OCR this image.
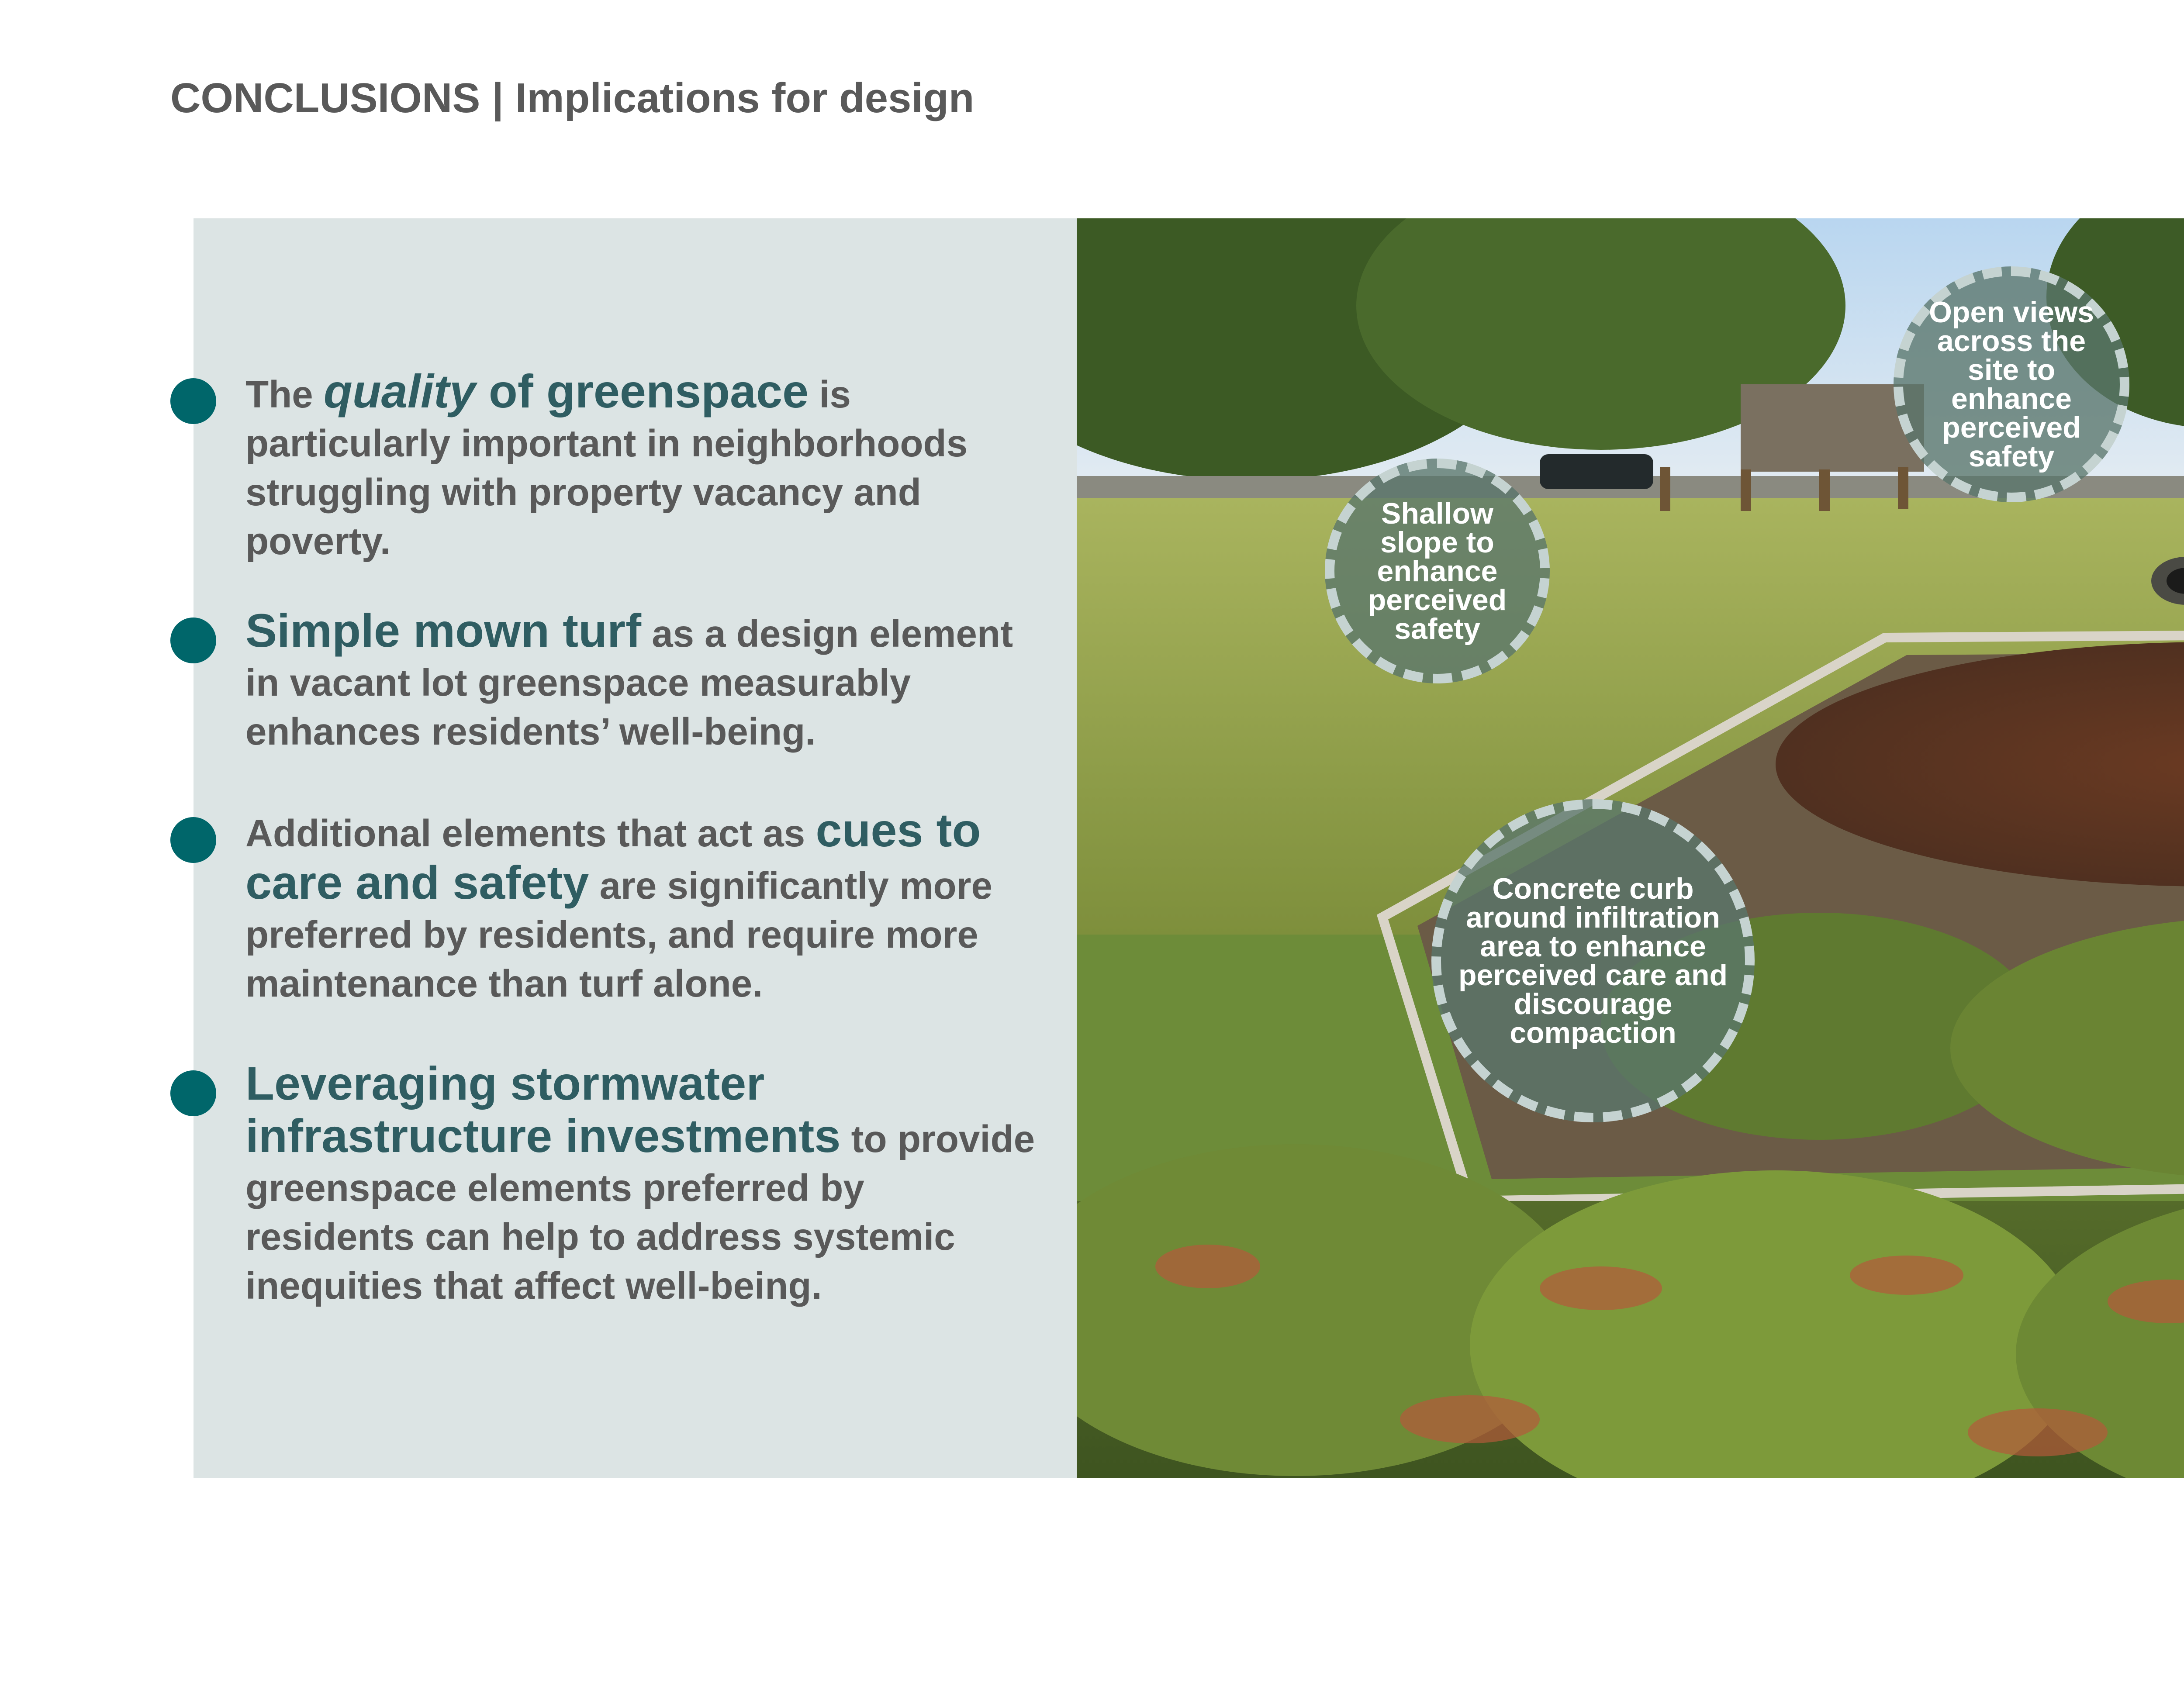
CONCLUSIONS | Implications for design
The quality of greenspace is particularly important in neighborhoods struggling with property vacancy and poverty.
Simple mown turf as a design element in vacant lot greenspace measurably enhances residents’ well-being.
Additional elements that act as cues to care and safety are significantly more preferred by residents, and require more maintenance than turf alone.
Leveraging stormwater infrastructure investments to provide greenspace elements preferred by residents can help to address systemic inequities that affect well-being.
Open views across the site to enhance perceived safety
Shallow slope to enhance perceived safety
Concrete curb around infiltration area to enhance perceived care and discourage compaction
